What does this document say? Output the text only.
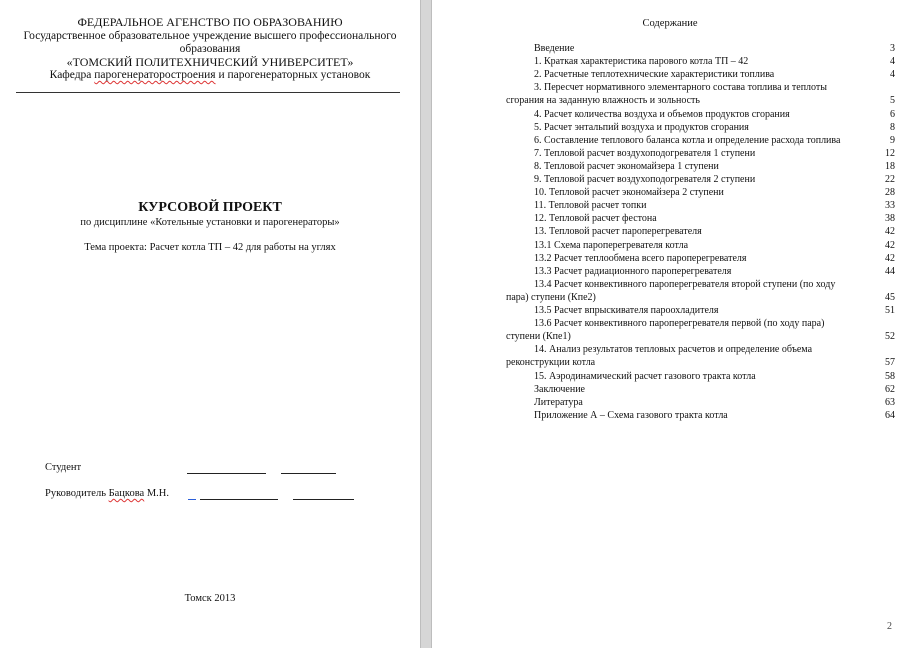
ФЕДЕРАЛЬНОЕ АГЕНСТВО ПО ОБРАЗОВАНИЮ
Государственное образовательное учреждение высшего профессионального
образования
«ТОМСКИЙ ПОЛИТЕХНИЧЕСКИЙ УНИВЕРСИТЕТ»
Кафедра парогенераторостроения и парогенераторных установок
КУРСОВОЙ ПРОЕКТ
по дисциплине «Котельные установки и парогенераторы»
Тема проекта: Расчет котла ТП – 42 для работы на углях
Студент
Руководитель Бацкова М.Н.
Томск 2013
Содержание
Введение	3
1. Краткая характеристика парового котла ТП – 42	4
2. Расчетные теплотехнические характеристики топлива	4
3. Пересчет нормативного элементарного состава топлива и теплоты
сгорания на заданную влажность и зольность	5
4. Расчет количества воздуха и объемов продуктов сгорания	6
5. Расчет энтальпий воздуха и продуктов сгорания	8
6. Составление теплового баланса котла и определение расхода топлива	9
7. Тепловой расчет воздухоподогревателя 1 ступени	12
8. Тепловой расчет экономайзера 1 ступени	18
9. Тепловой расчет воздухоподогревателя 2 ступени	22
10. Тепловой расчет экономайзера 2 ступени	28
11. Тепловой расчет топки	33
12. Тепловой расчет фестона	38
13. Тепловой расчет пароперегревателя	42
13.1 Схема пароперегревателя котла	42
13.2 Расчет теплообмена всего пароперегревателя	42
13.3 Расчет радиационного пароперегревателя	44
13.4 Расчет конвективного пароперегревателя второй ступени (по ходу
пара) ступени (Кпе2)	45
13.5 Расчет впрыскивателя пароохладителя	51
13.6 Расчет конвективного пароперегревателя первой (по ходу пара)
ступени (Кпе1)	52
14. Анализ результатов тепловых расчетов и определение объема
реконструкции котла	57
15. Аэродинамический расчет газового тракта котла	58
Заключение	62
Литература	63
Приложение А – Схема газового тракта котла	64
2
